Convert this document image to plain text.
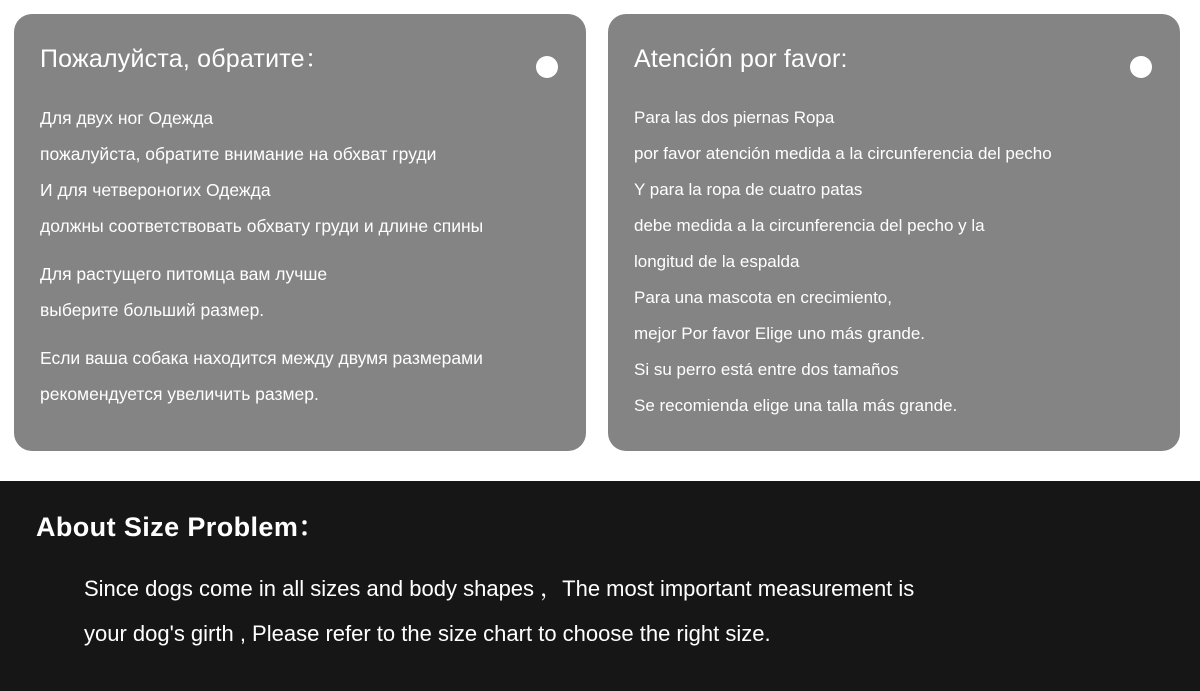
Пожалуйста, обратите：
Для двух ног Одежда
пожалуйста, обратите внимание на обхват груди
И для четвероногих Одежда
должны соответствовать обхвату груди и длине спины
Для растущего питомца вам лучше
выберите больший размер.
Если ваша собака находится между двумя размерами
рекомендуется увеличить размер.
Atención por favor:
Para las dos piernas Ropa
por favor atención medida a la circunferencia del pecho
Y para la ropa de cuatro patas
debe medida a la circunferencia del pecho y la
longitud de la espalda
Para una mascota en crecimiento,
mejor Por favor Elige uno más grande.
Si su perro está entre dos tamaños
Se recomienda elige una talla más grande.
About Size Problem：
Since dogs come in all sizes and body shapes ，The most important measurement is
your dog's girth , Please refer to the size chart to choose the right size.
